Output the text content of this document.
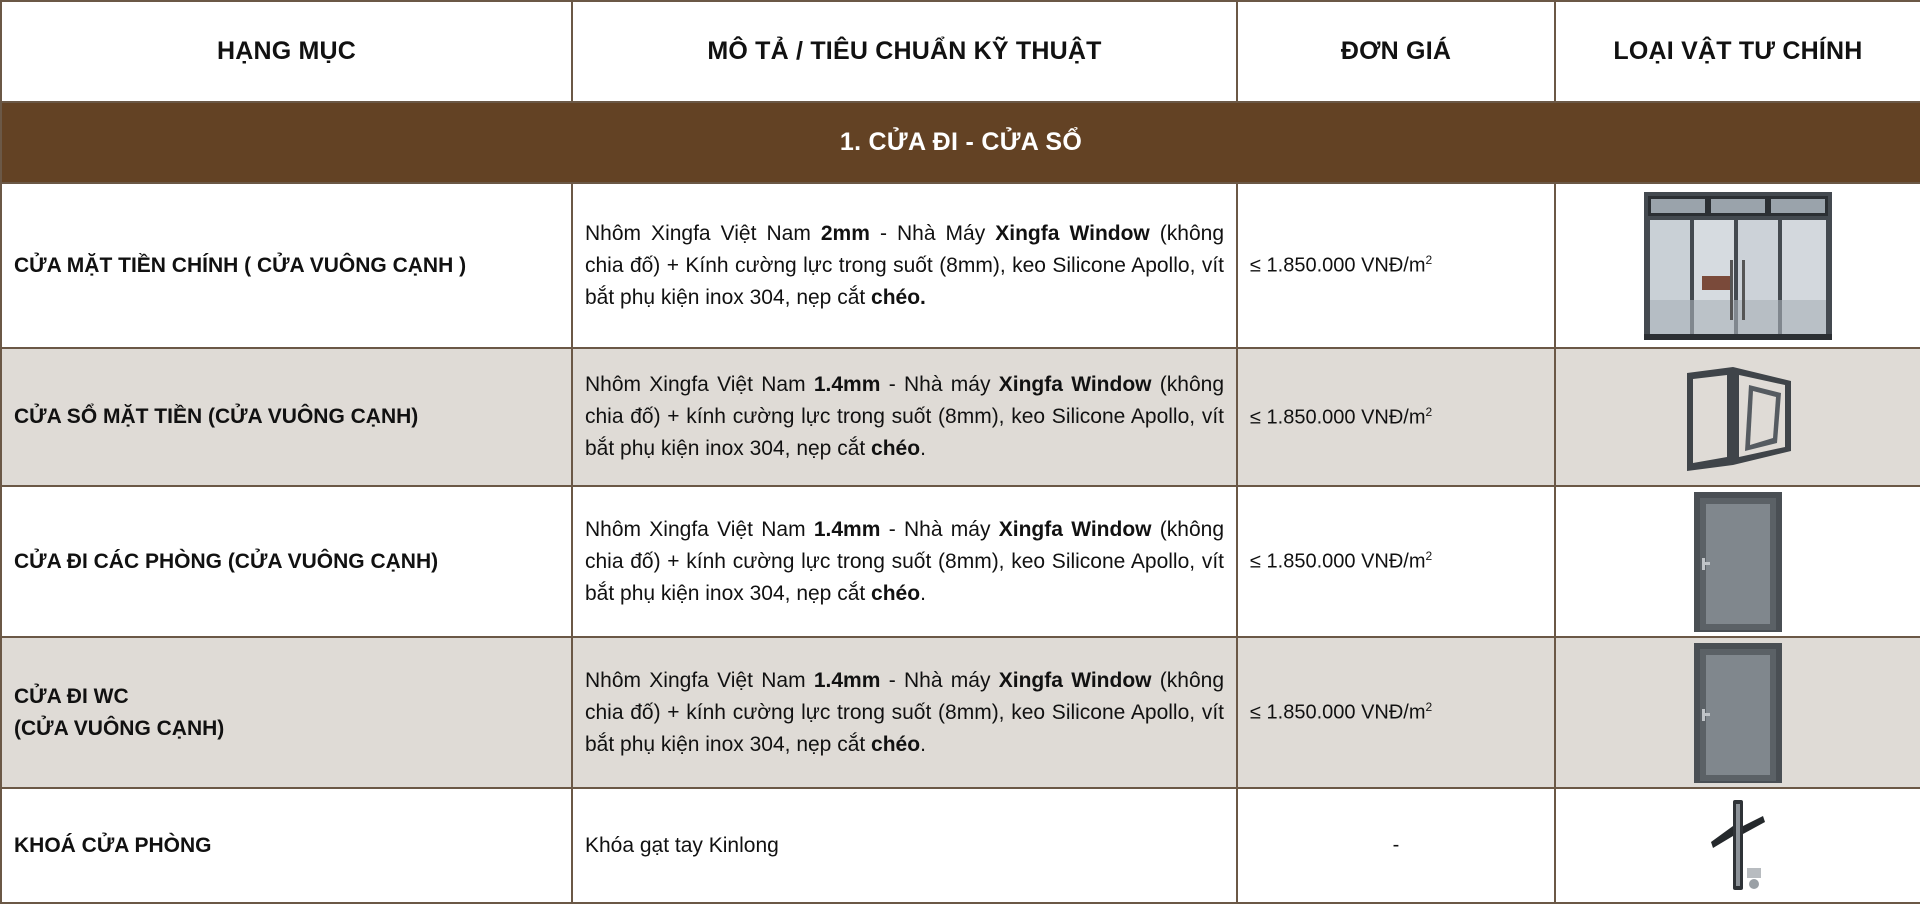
HẠNG MỤC	MÔ TẢ / TIÊU CHUẨN KỸ THUẬT	ĐƠN GIÁ	LOẠI VẬT TƯ CHÍNH
1. CỬA ĐI - CỬA SỔ			
CỬA MẶT TIỀN CHÍNH ( CỬA VUÔNG CẠNH )	Nhôm Xingfa Việt Nam 2mm - Nhà Máy Xingfa Window (không chia đố) + Kính cường lực trong suốt (8mm), keo Silicone Apollo, vít bắt phụ kiện inox 304, nẹp cắt chéo.	≤ 1.850.000 VNĐ/$m^2$	
CỬA SỔ MẶT TIỀN (CỬA VUÔNG CẠNH)	Nhôm Xingfa Việt Nam 1.4mm - Nhà máy Xingfa Window (không chia đố) + kính cường lực trong suốt (8mm), keo Silicone Apollo, vít bắt phụ kiện inox 304, nẹp cắt chéo.	≤ 1.850.000 VNĐ/$m^2$	
CỬA ĐI CÁC PHÒNG (CỬA VUÔNG CẠNH)	Nhôm Xingfa Việt Nam 1.4mm - Nhà máy Xingfa Window (không chia đố) + kính cường lực trong suốt (8mm), keo Silicone Apollo, vít bắt phụ kiện inox 304, nẹp cắt chéo.	≤ 1.850.000 VNĐ/$m^2$	
CỬA ĐI WC
(CỬA VUÔNG CẠNH)	Nhôm Xingfa Việt Nam 1.4mm - Nhà máy Xingfa Window (không chia đố) + kính cường lực trong suốt (8mm), keo Silicone Apollo, vít bắt phụ kiện inox 304, nẹp cắt chéo.	≤ 1.850.000 VNĐ/$m^2$	
KHOÁ CỬA PHÒNG	Khóa gạt tay Kinlong	-	
